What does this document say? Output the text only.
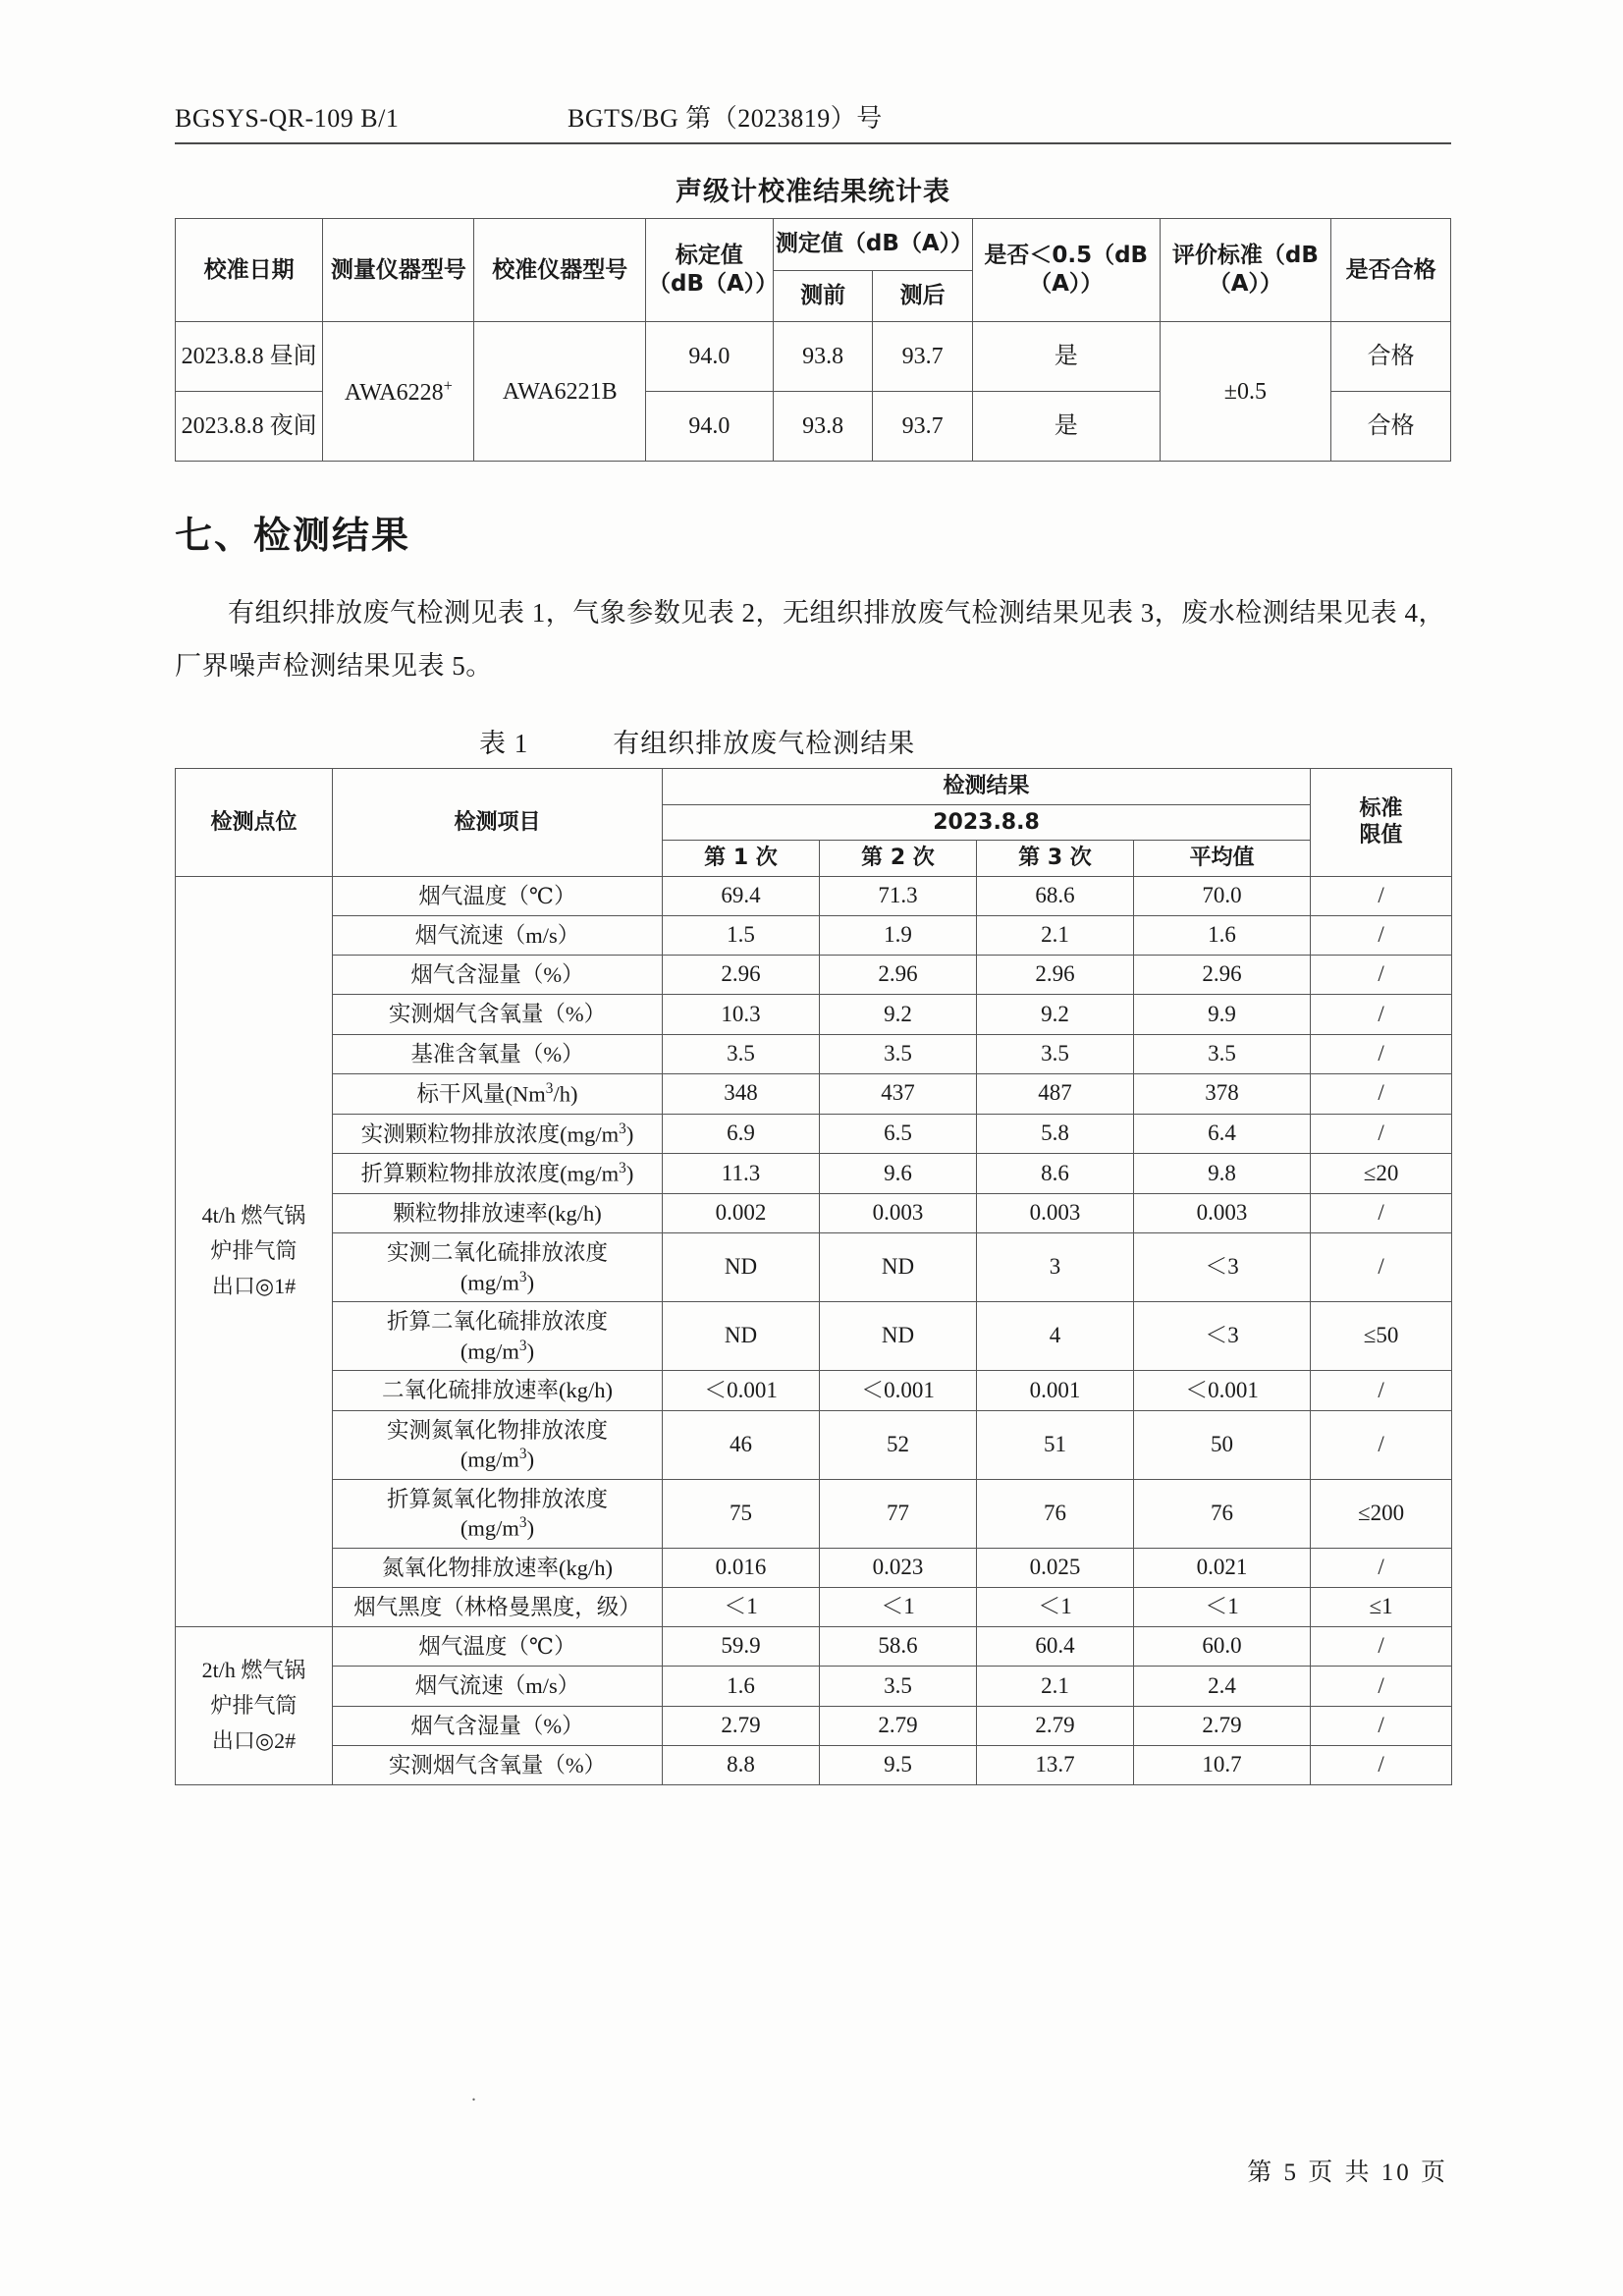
BGSYS-QR-109 B/1	BGTS/BG 第（2023819）号
声级计校准结果统计表
校准日期	测量仪器型号	校准仪器型号	标定值（dB（A））	测定值（dB（A））		是否＜0.5（dB（A））	评价标准（dB（A））	是否合格
				测前	测后			
2023.8.8 昼间	AWA6228+	AWA6221B	94.0	93.8	93.7	是	±0.5	合格
2023.8.8 夜间			94.0	93.8	93.7	是		合格
七、检测结果

有组织排放废气检测见表 1，气象参数见表 2，无组织排放废气检测结果见表 3，废水检测结果见表 4，厂界噪声检测结果见表 5。

表 1	有组织排放废气检测结果
检测点位	检测项目	检测结果				标准
限值

		2023.8.8				
		第 1 次	第 2 次	第 3 次	平均值	

4t/h 燃气锅
炉排气筒
出口◎1#	烟气温度（℃）	69.4	71.3	68.6	70.0	/
	烟气流速（m/s）	1.5	1.9	2.1	1.6	/
	烟气含湿量（%）	2.96	2.96	2.96	2.96	/
	实测烟气含氧量（%）	10.3	9.2	9.2	9.9	/
	基准含氧量（%）	3.5	3.5	3.5	3.5	/
	标干风量(Nm$^3$/h)	348	437	487	378	/
	实测颗粒物排放浓度$(mg/m^3)$	6.9	6.5	5.8	6.4	/
	折算颗粒物排放浓度$(mg/m^3)$	11.3	9.6	8.6	9.8	≤20
	颗粒物排放速率(kg/h)	0.002	0.003	0.003	0.003	/
	实测二氧化硫排放浓度
$(mg/m^3)$	ND	ND	3	＜3	/
	折算二氧化硫排放浓度
$(mg/m^3)$	ND	ND	4	＜3	≤50
	二氧化硫排放速率(kg/h)	＜0.001	＜0.001	0.001	＜0.001	/
	实测氮氧化物排放浓度
$(mg/m^3)$	46	52	51	50	/
	折算氮氧化物排放浓度
$(mg/m^3)$	75	77	76	76	≤200
	氮氧化物排放速率(kg/h)	0.016	0.023	0.025	0.021	/
	烟气黑度（林格曼黑度，级）	＜1	＜1	＜1	＜1	≤1

2t/h 燃气锅
炉排气筒
出口◎2#	烟气温度（℃）	59.9	58.6	60.4	60.0	/
	烟气流速（m/s）	1.6	3.5	2.1	2.4	/
	烟气含湿量（%）	2.79	2.79	2.79	2.79	/
	实测烟气含氧量（%）	8.8	9.5	13.7	10.7	/
.
第 5 页 共 10 页
